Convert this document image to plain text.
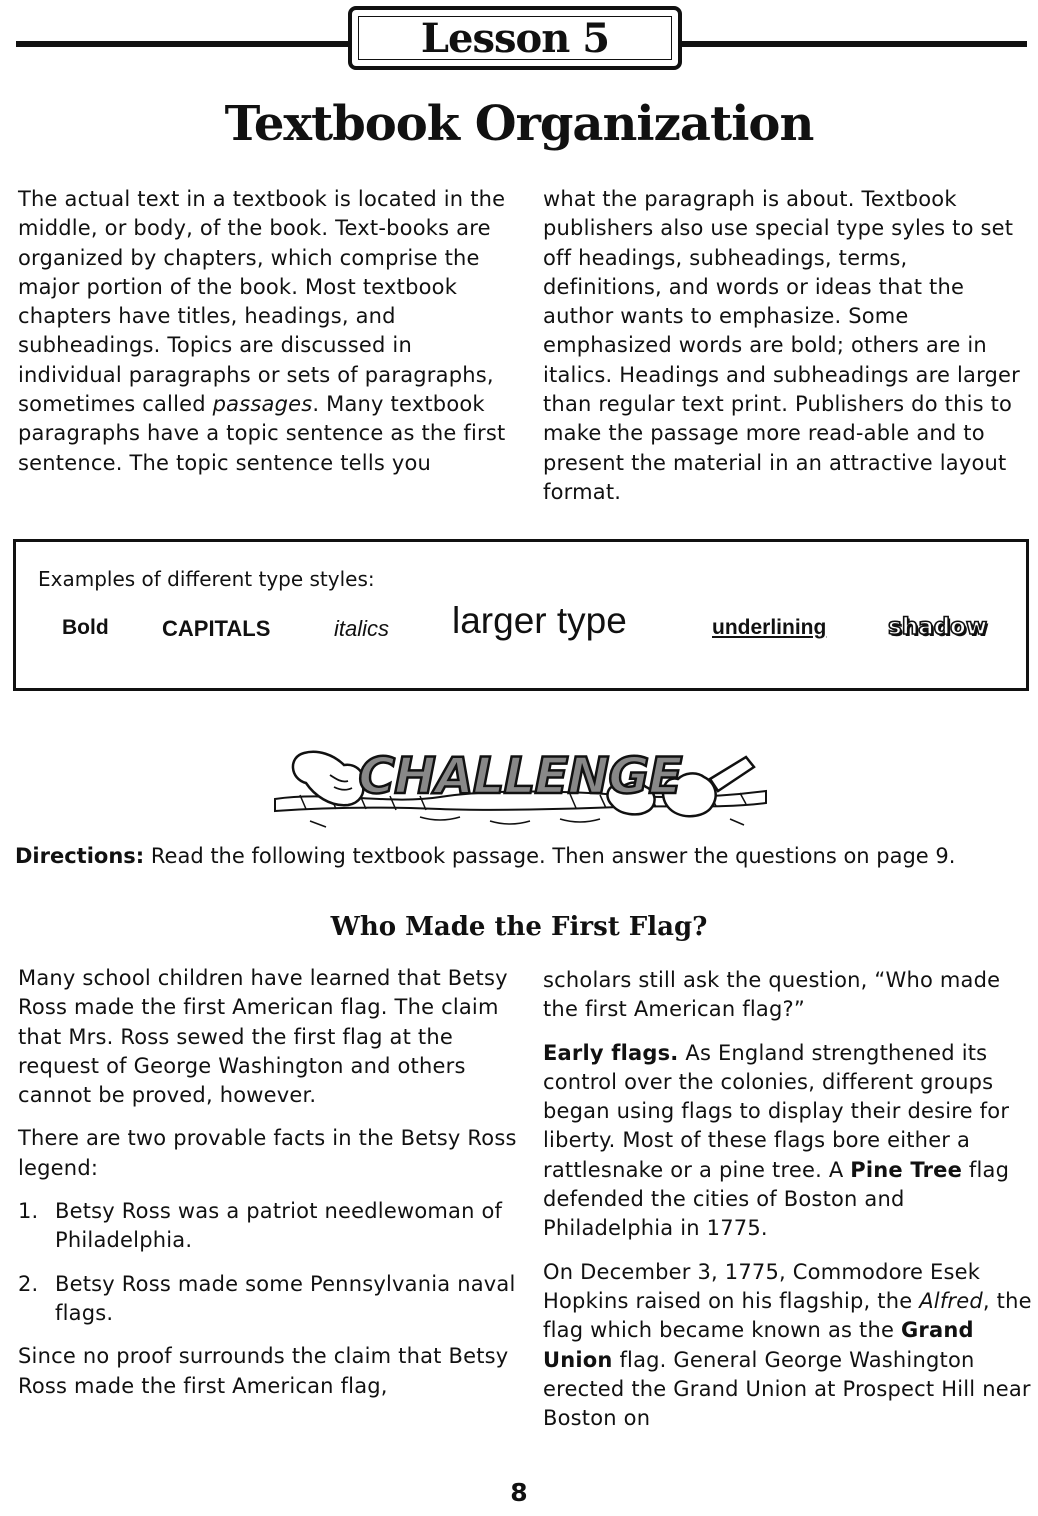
Lesson 5
Textbook Organization

The actual text in a textbook is located in the middle, or body, of the book. Text-books are organized by chapters, which comprise the major portion of the book. Most textbook chapters have titles, headings, and subheadings. Topics are discussed in individual paragraphs or sets of paragraphs, sometimes called passages. Many textbook paragraphs have a topic sentence as the first sentence. The topic sentence tells you

what the paragraph is about. Textbook publishers also use special type syles to set off headings, subheadings, terms, definitions, and words or ideas that the author wants to emphasize. Some emphasized words are bold; others are in italics. Headings and subheadings are larger than regular text print. Publishers do this to make the passage more read-able and to present the material in an attractive layout format.

Examples of different type styles:
Bold CAPITALS	italics larger type	underlining	shadow
CHALLENGE
Directions: Read the following textbook passage. Then answer the questions on page 9.
Who Made the First Flag?

Many school children have learned that Betsy Ross made the first American flag. The claim that Mrs. Ross sewed the first flag at the request of George Washington and others cannot be proved, however.

There are two provable facts in the Betsy Ross legend:

1. Betsy Ross was a patriot needlewoman of Philadelphia.
2. Betsy Ross made some Pennsylvania naval flags.

Since no proof surrounds the claim that Betsy Ross made the first American flag,

scholars still ask the question, “Who made the first American flag?”

Early flags. As England strengthened its control over the colonies, different groups began using flags to display their desire for liberty. Most of these flags bore either a rattlesnake or a pine tree. A Pine Tree flag defended the cities of Boston and Philadelphia in 1775.

On December 3, 1775, Commodore Esek Hopkins raised on his flagship, the Alfred, the flag which became known as the Grand Union flag. General George Washington erected the Grand Union at Prospect Hill near Boston on

8
